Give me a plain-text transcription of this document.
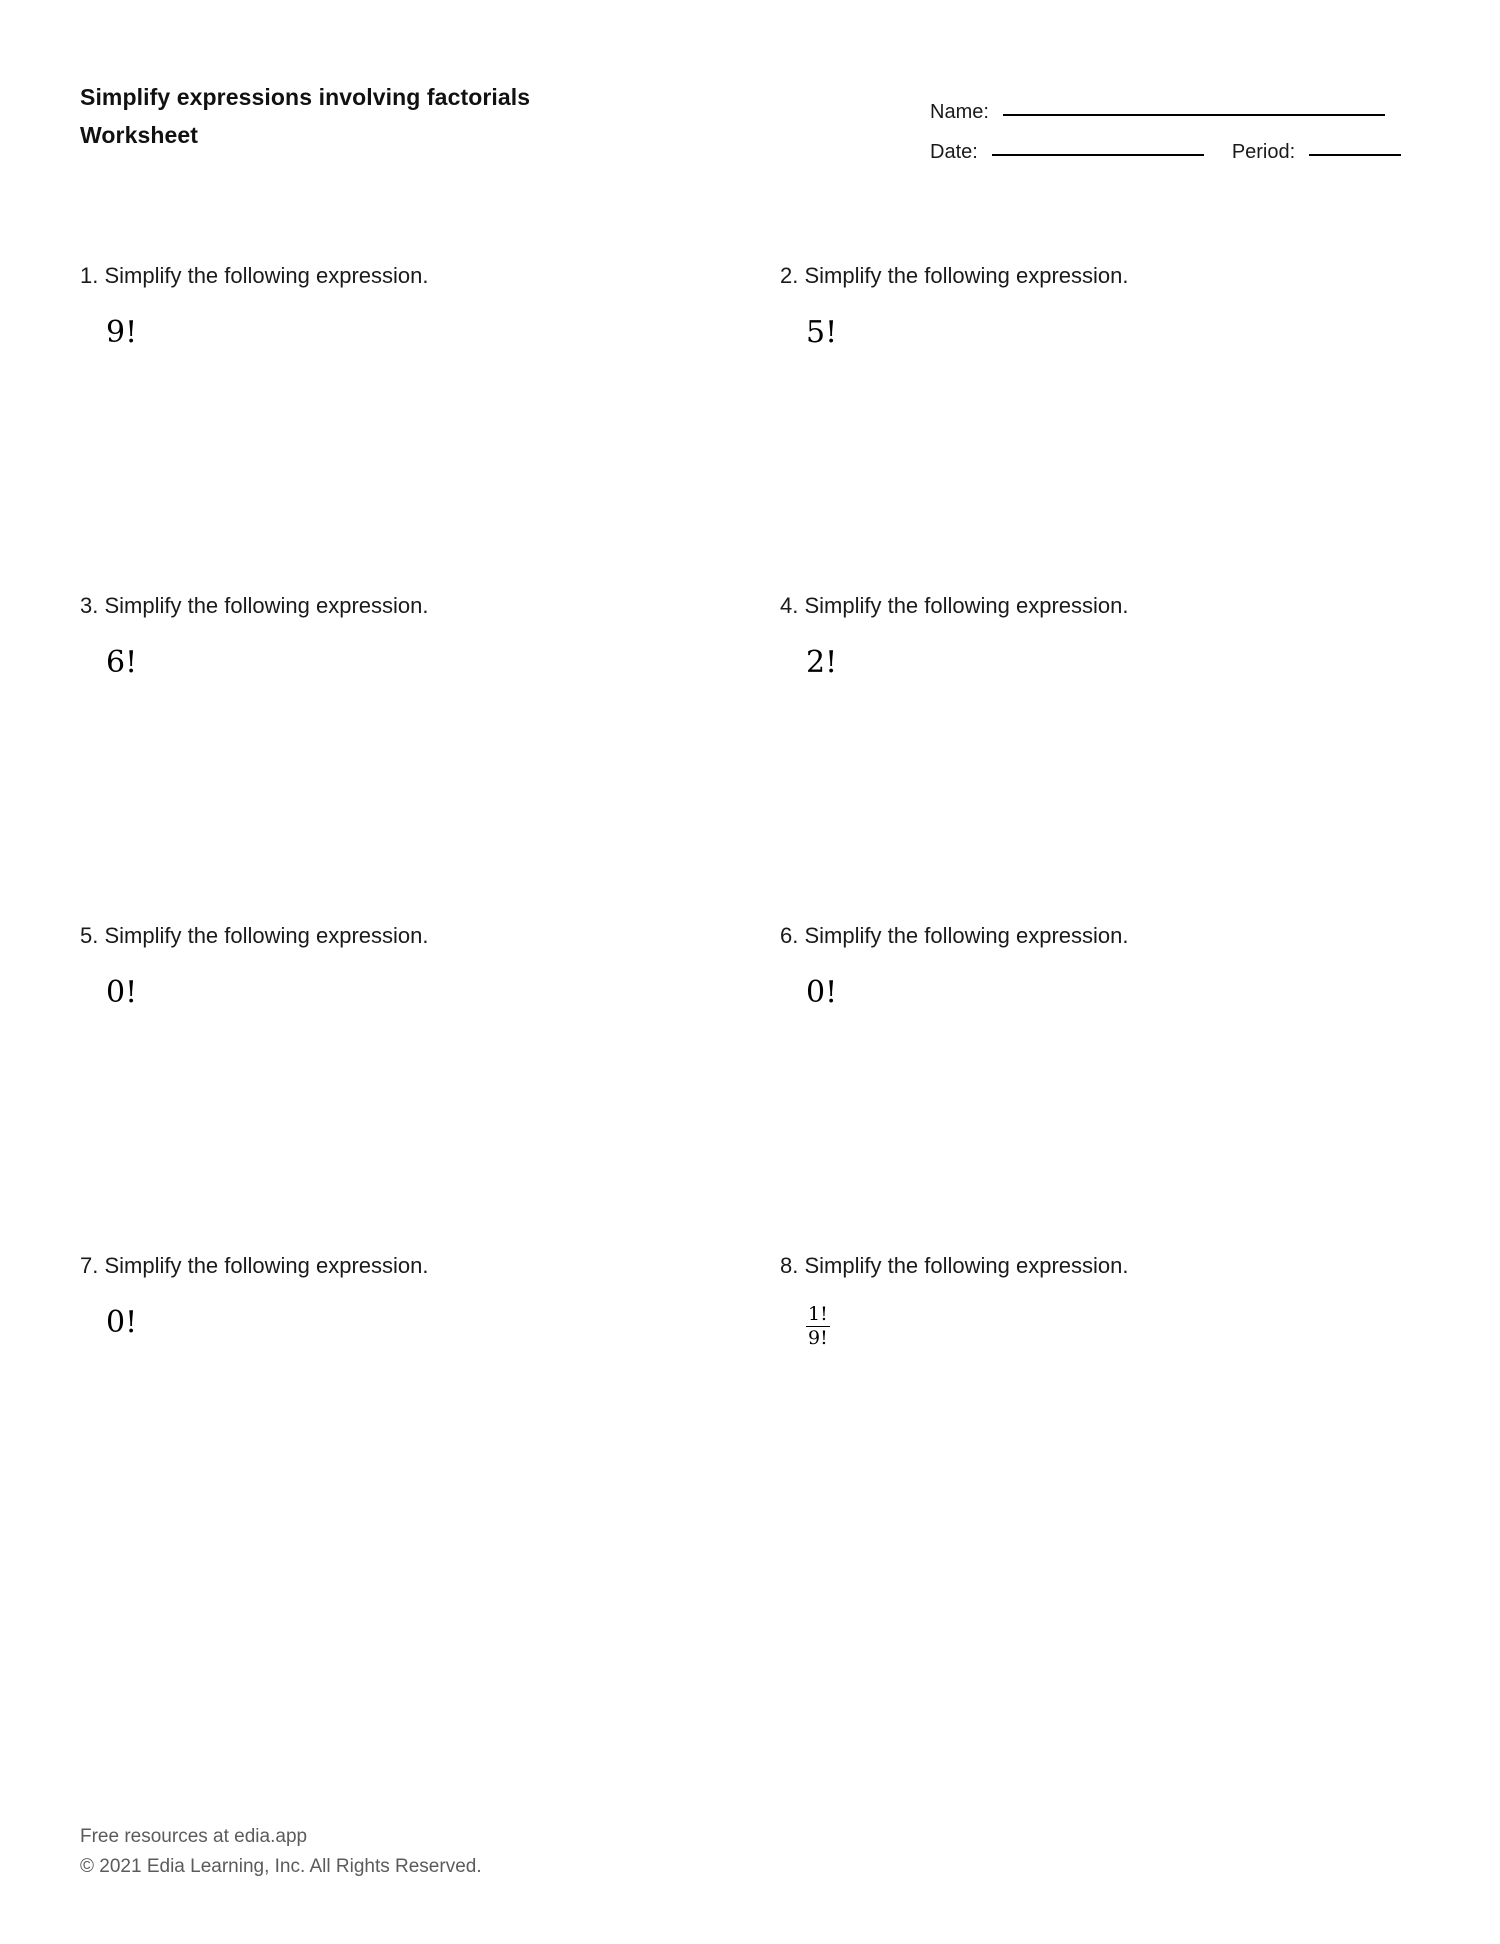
Simplify expressions involving factorials
Worksheet
Name:
Date:	Period:
1. Simplify the following expression.
9!
2. Simplify the following expression.
5!
3. Simplify the following expression.
6!
4. Simplify the following expression.
2!
5. Simplify the following expression.
0!
6. Simplify the following expression.
0!
7. Simplify the following expression.
0!
8. Simplify the following expression.
$\frac{1!}{9!}$
Free resources at edia.app
© 2021 Edia Learning, Inc. All Rights Reserved.
